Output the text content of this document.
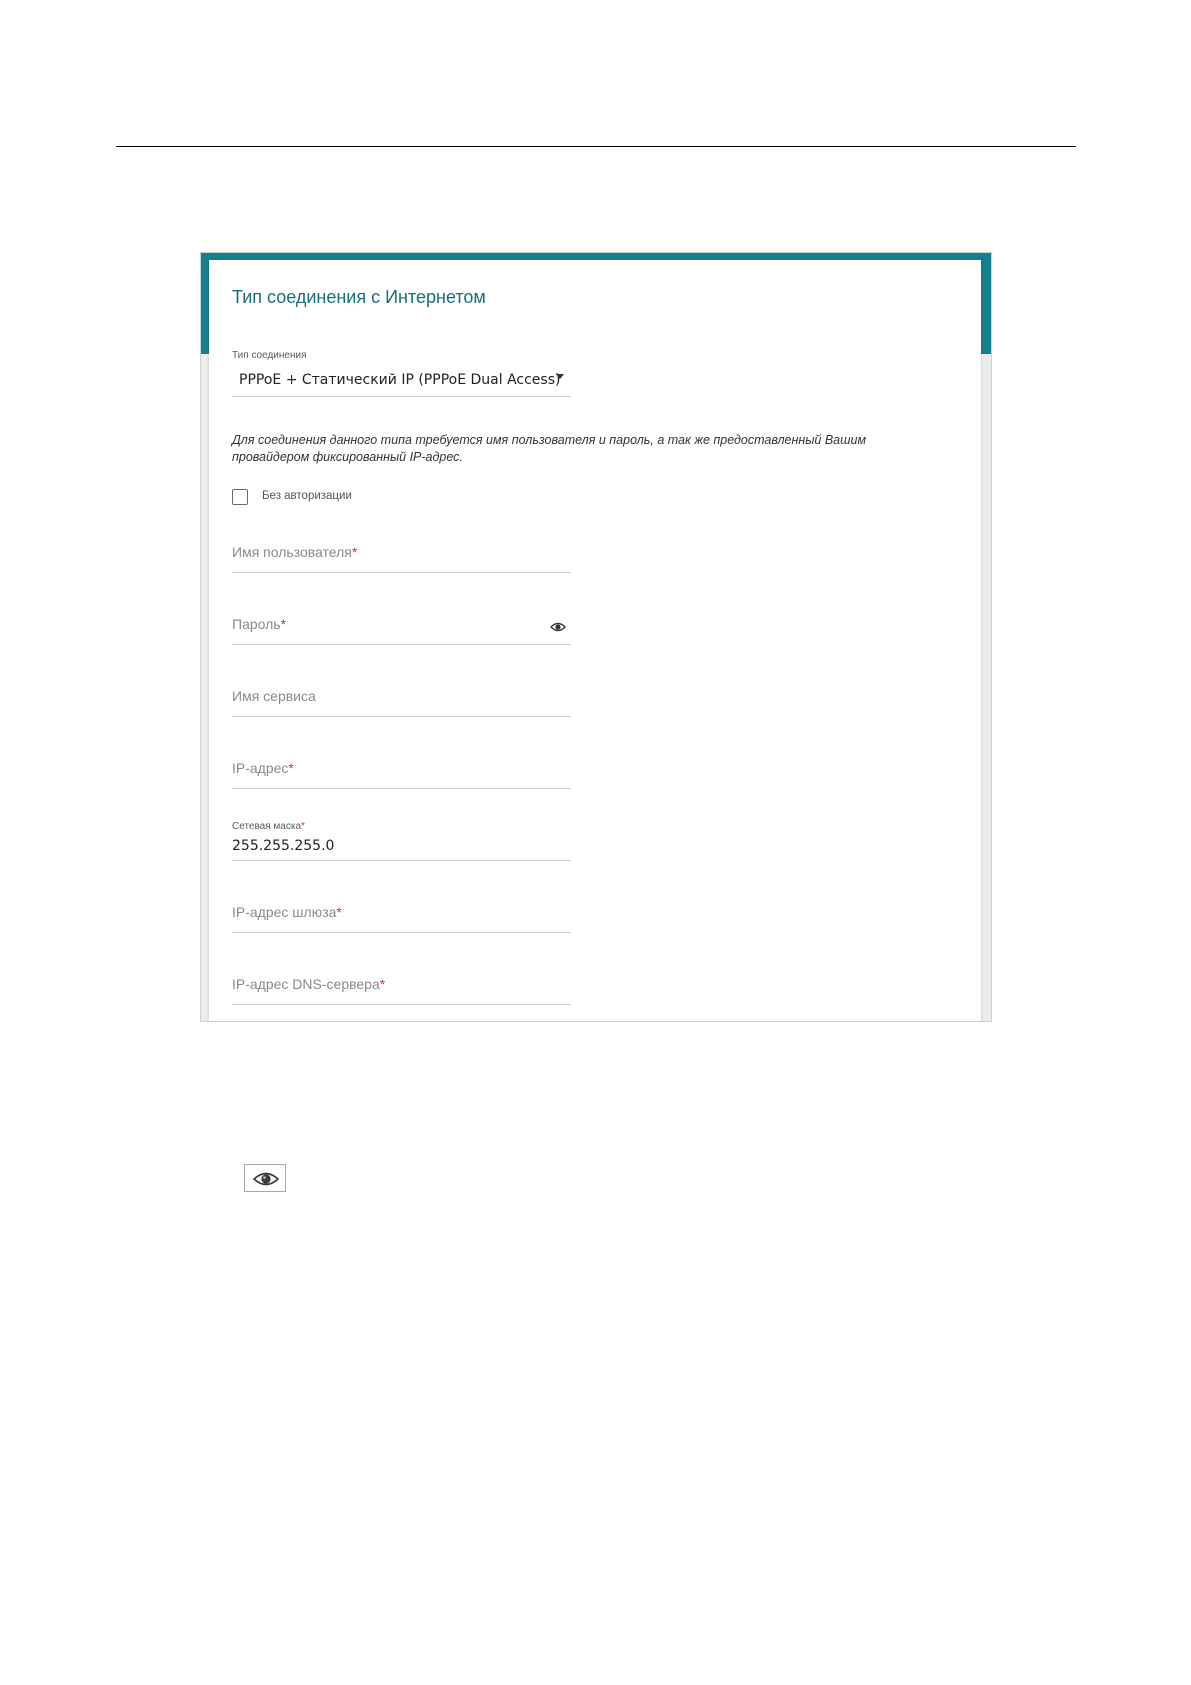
Тип соединения с Интернетом
Тип соединения
PPPoE + Статический IP (PPPoE Dual Access)
Для соединения данного типа требуется имя пользователя и пароль, а так же предоставленный Вашим провайдером фиксированный IP-адрес.
Без авторизации
Имя пользователя*
Пароль*
Имя сервиса
IP-адрес*
Сетевая маска*
255.255.255.0
IP-адрес шлюза*
IP-адрес DNS-сервера*
